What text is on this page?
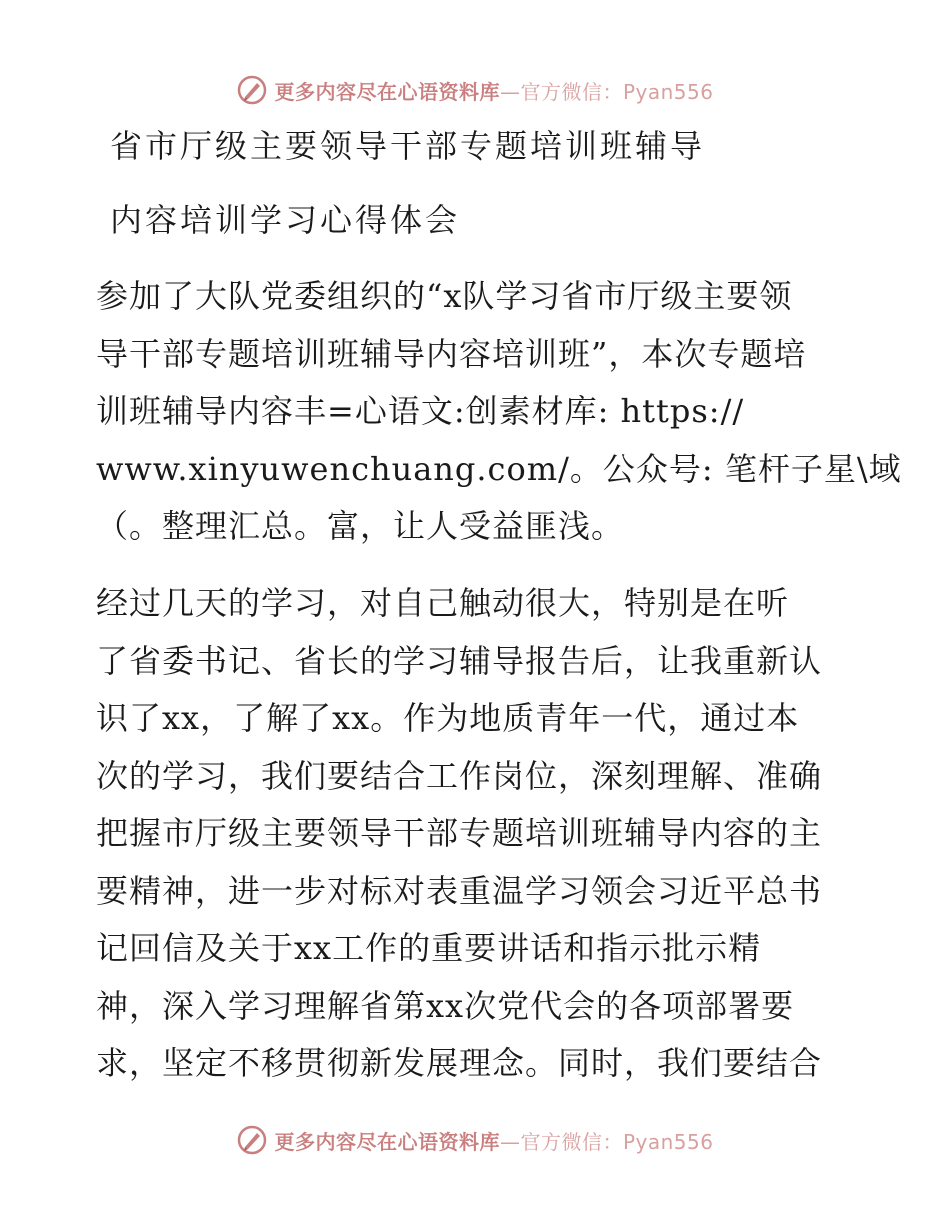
更多内容尽在心语资料库—官方微信：Pyan556
省市厅级主要领导干部专题培训班辅导
内容培训学习心得体会
参加了大队党委组织的“x队学习省市厅级主要领
导干部专题培训班辅导内容培训班”，本次专题培
训班辅导内容丰=心语文:创素材库: https://
www.xinyuwenchuang.com/。公众号: 笔杆子星\域
（。整理汇总。富，让人受益匪浅。
经过几天的学习，对自己触动很大，特别是在听
了省委书记、省长的学习辅导报告后，让我重新认
识了xx，了解了xx。作为地质青年一代，通过本
次的学习，我们要结合工作岗位，深刻理解、准确
把握市厅级主要领导干部专题培训班辅导内容的主
要精神，进一步对标对表重温学习领会习近平总书
记回信及关于xx工作的重要讲话和指示批示精
神，深入学习理解省第xx次党代会的各项部署要
求，坚定不移贯彻新发展理念。同时，我们要结合
更多内容尽在心语资料库—官方微信：Pyan556
